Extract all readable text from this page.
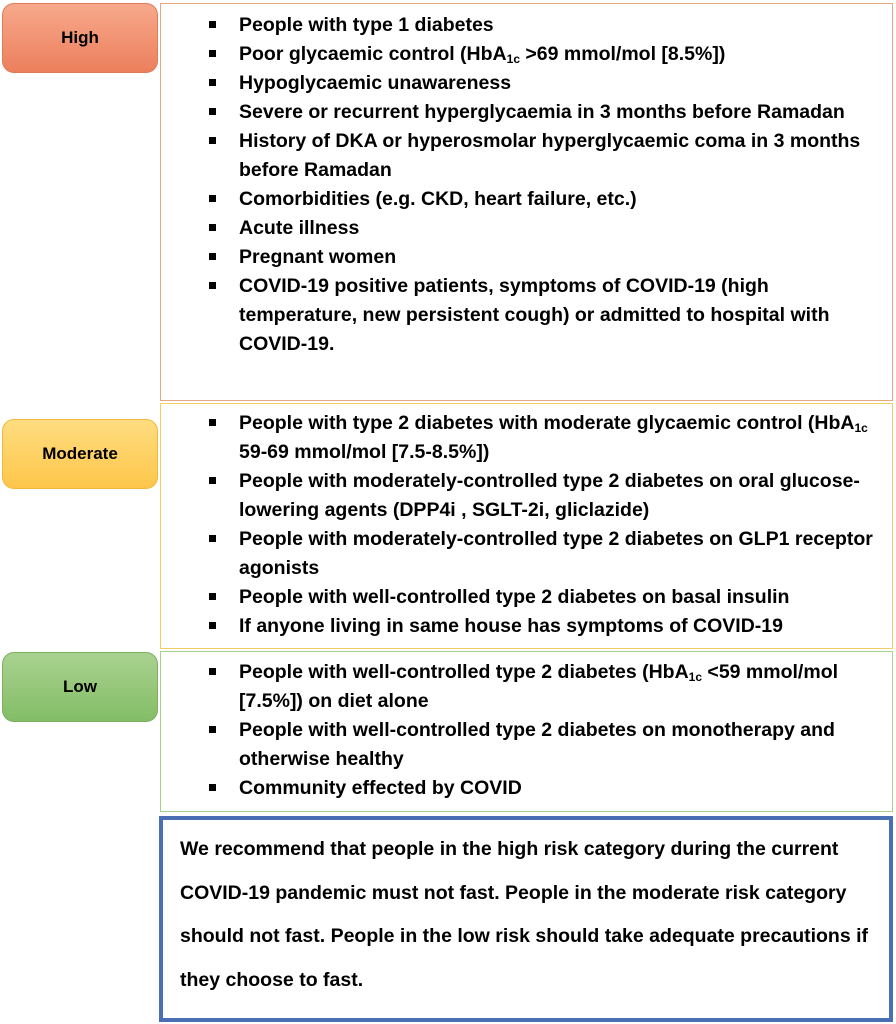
High
People with type 1 diabetes
Poor glycaemic control (HbA$_{1c}$ >69 mmol/mol [8.5%])
Hypoglycaemic unawareness
Severe or recurrent hyperglycaemia in 3 months before Ramadan
History of DKA or hyperosmolar hyperglycaemic coma in 3 months before Ramadan
Comorbidities (e.g. CKD, heart failure, etc.)
Acute illness
Pregnant women
COVID-19 positive patients, symptoms of COVID-19 (high temperature, new persistent cough) or admitted to hospital with COVID-19.
Moderate
People with type 2 diabetes with moderate glycaemic control (HbA$_{1c}$ 59-69 mmol/mol [7.5-8.5%])
People with moderately-controlled type 2 diabetes on oral glucose-lowering agents (DPP4i , SGLT-2i, gliclazide)
People with moderately-controlled type 2 diabetes on GLP1 receptor agonists
People with well-controlled type 2 diabetes on basal insulin
If anyone living in same house has symptoms of COVID-19
Low
People with well-controlled type 2 diabetes (HbA$_{1c}$ <59 mmol/mol [7.5%]) on diet alone
People with well-controlled type 2 diabetes on monotherapy and otherwise healthy
Community effected by COVID
We recommend that people in the high risk category during the current COVID-19 pandemic must not fast. People in the moderate risk category should not fast. People in the low risk should take adequate precautions if they choose to fast.
